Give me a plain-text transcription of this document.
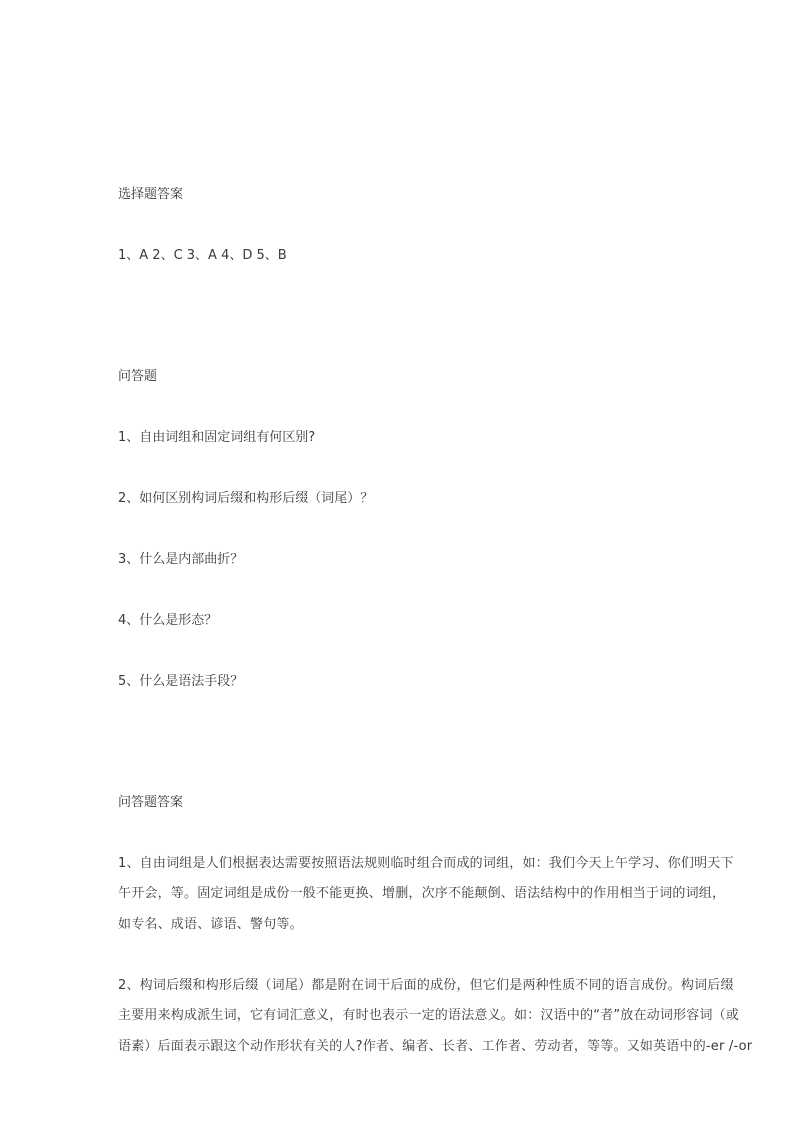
选择题答案

1、A 2、C 3、A 4、D 5、B

问答题

1、自由词组和固定词组有何区别?

2、如何区别构词后缀和构形后缀（词尾）？

3、什么是内部曲折？

4、什么是形态？

5、什么是语法手段？

问答题答案

1、自由词组是人们根据表达需要按照语法规则临时组合而成的词组，如：我们今天上午学习、你们明天下

午开会，等。固定词组是成份一般不能更换、增删，次序不能颠倒、语法结构中的作用相当于词的词组，

如专名、成语、谚语、警句等。

2、构词后缀和构形后缀（词尾）都是附在词干后面的成份，但它们是两种性质不同的语言成份。构词后缀

主要用来构成派生词，它有词汇意义，有时也表示一定的语法意义。如：汉语中的“者”放在动词形容词（或

语素）后面表示跟这个动作形状有关的人?作者、编者、长者、工作者、劳动者，等等。又如英语中的-er /-or
